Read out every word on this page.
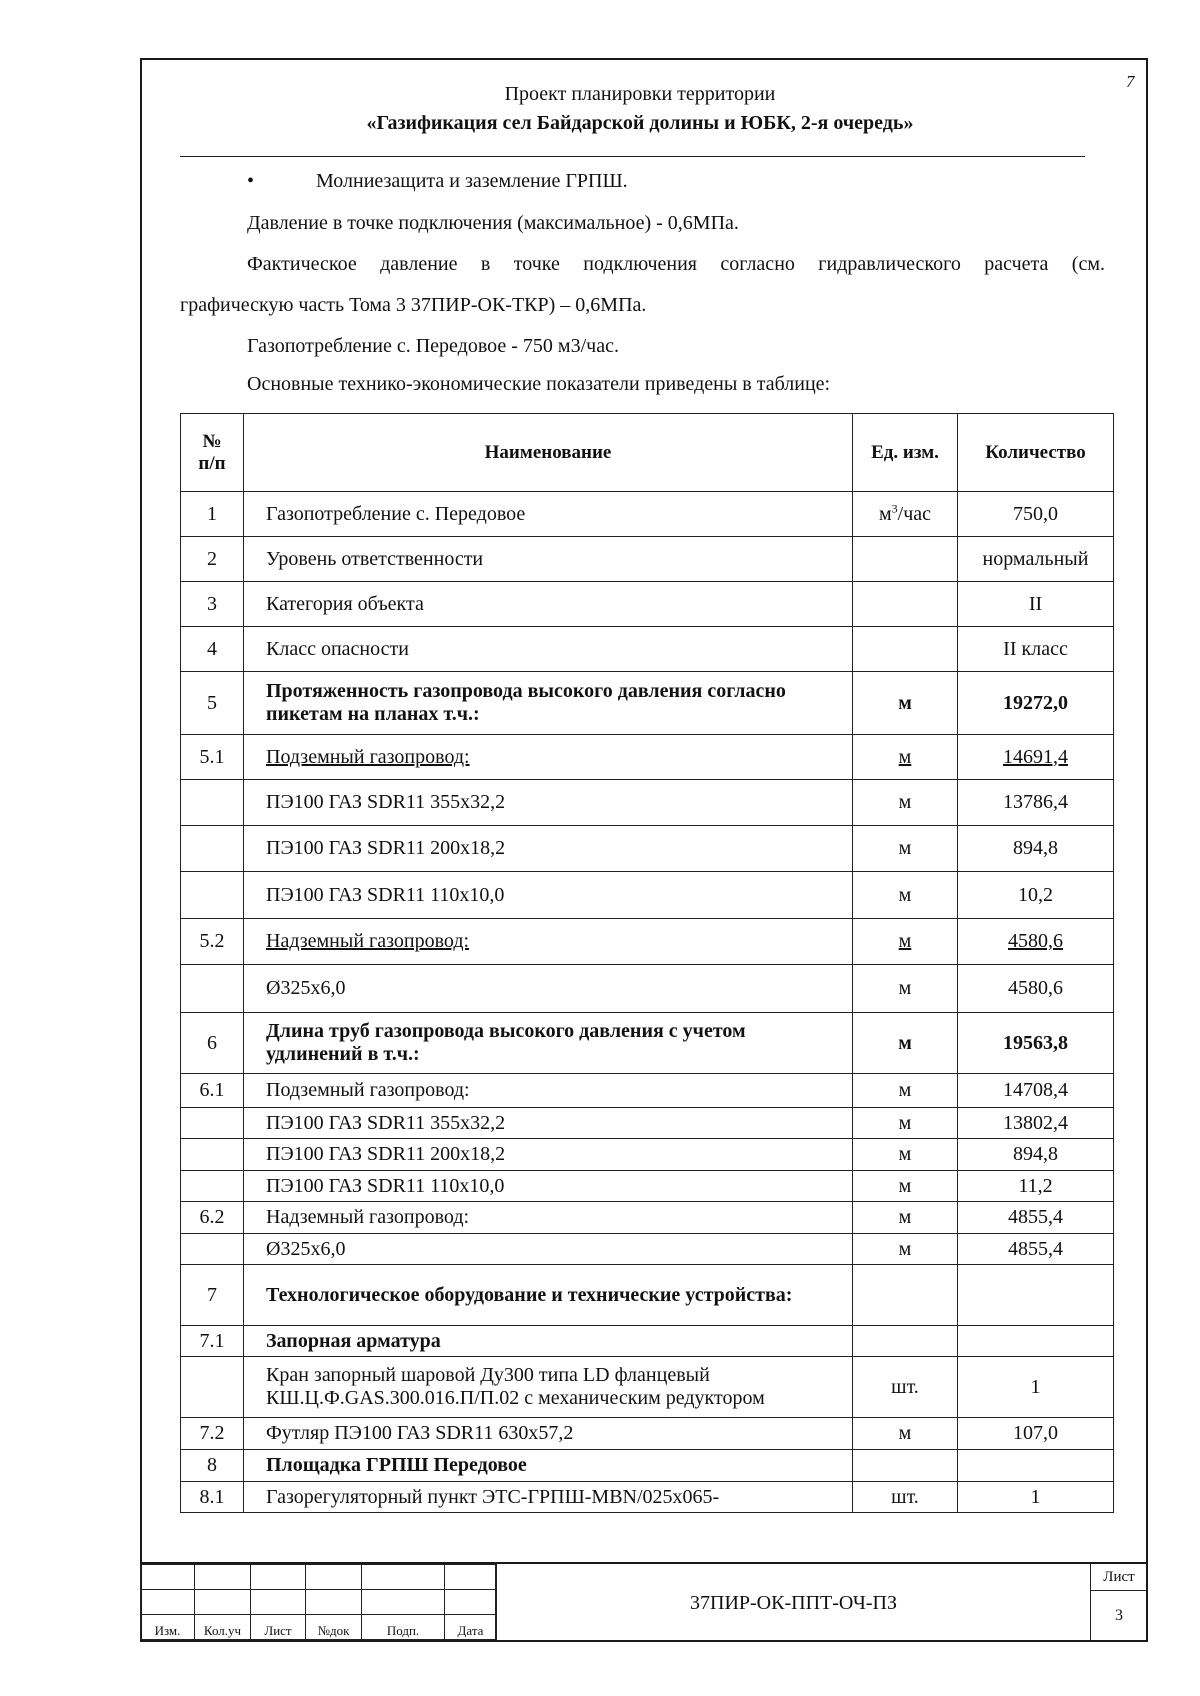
7
Проект планировки территории
«Газификация сел Байдарской долины и ЮБК, 2-я очередь»
•	Молниезащита и заземление ГРПШ.
Давление в точке подключения (максимальное) - 0,6МПа.
Фактическое давление в точке подключения согласно гидравлического расчета (см.
графическую часть Тома 3 37ПИР-ОК-ТКР) – 0,6МПа.
Газопотребление с. Передовое - 750 м3/час.
Основные технико-экономические показатели приведены в таблице:
№
п/п	Наименование	Ед. изм.	Количество
1	Газопотребление с. Передовое	$м^3$/час	750,0
2	Уровень ответственности		нормальный
3	Категория объекта		II
4	Класс опасности		II класс
5	Протяженность газопровода высокого давления согласно пикетам на планах т.ч.:	м	19272,0
5.1	Подземный газопровод:	м	14691,4
	ПЭ100 ГАЗ SDR11 355х32,2	м	13786,4
	ПЭ100 ГАЗ SDR11 200х18,2	м	894,8
	ПЭ100 ГАЗ SDR11 110х10,0	м	10,2
5.2	Надземный газопровод:	м	4580,6
	Ø325х6,0	м	4580,6
6	Длина труб газопровода высокого давления с учетом удлинений в т.ч.:	м	19563,8
6.1	Подземный газопровод:	м	14708,4
	ПЭ100 ГАЗ SDR11 355х32,2	м	13802,4
	ПЭ100 ГАЗ SDR11 200х18,2	м	894,8
	ПЭ100 ГАЗ SDR11 110х10,0	м	11,2
6.2	Надземный газопровод:	м	4855,4
	Ø325х6,0	м	4855,4
7	Технологическое оборудование и технические устройства:		
7.1	Запорная арматура		
	Кран запорный шаровой Ду300 типа LD фланцевый КШ.Ц.Ф.GAS.300.016.П/П.02 с механическим редуктором	шт.	1
7.2	Футляр ПЭ100 ГАЗ SDR11 630х57,2	м	107,0
8	Площадка ГРПШ Передовое		
8.1	Газорегуляторный пункт ЭТС-ГРПШ-MBN/025х065-	шт.	1

Изм.	Кол.уч	Лист	№док	Подп.	Дата
37ПИР-ОК-ППТ-ОЧ-ПЗ
Лист
3
